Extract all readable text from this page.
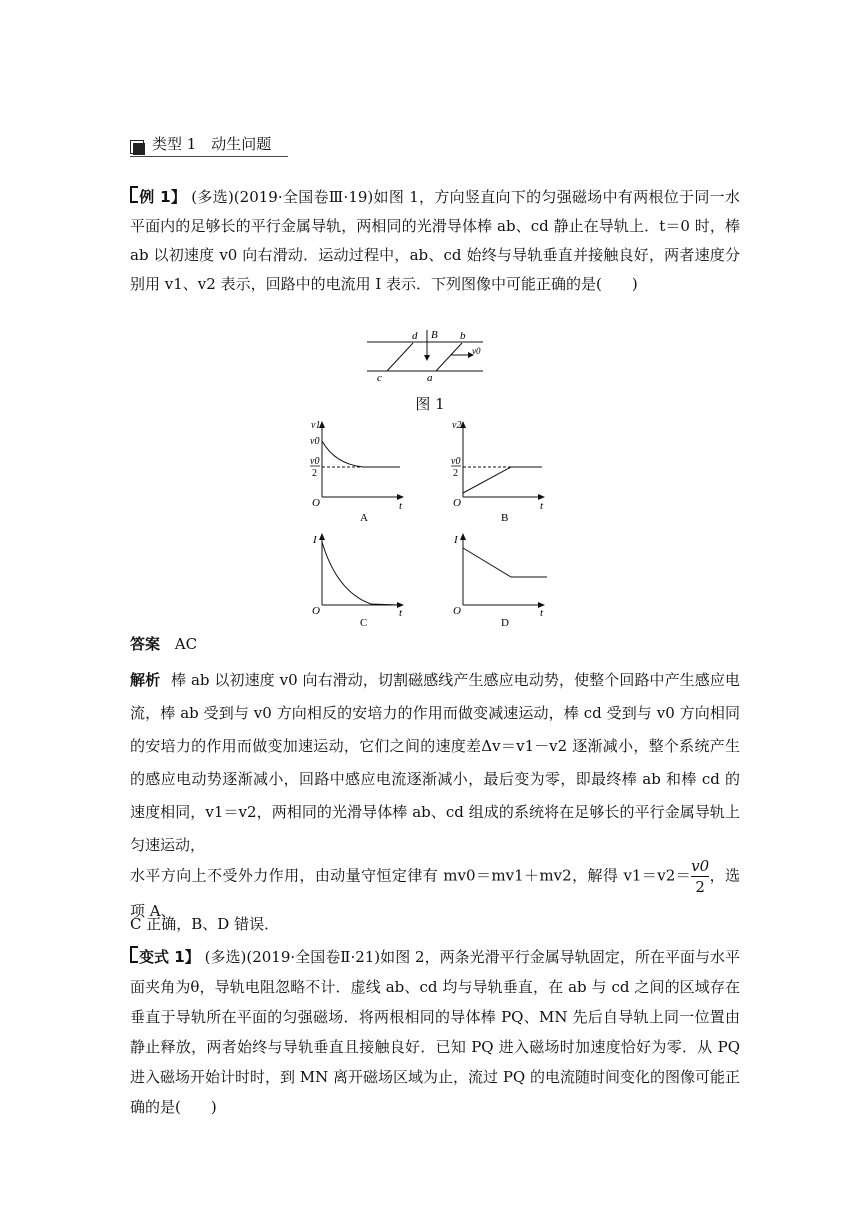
类型 1　动生问题
例 1】 (多选)(2019·全国卷Ⅲ·19)如图 1，方向竖直向下的匀强磁场中有两根位于同一水平面内的足够长的平行金属导轨，两相同的光滑导体棒 ab、cd 静止在导轨上．t＝0 时，棒 ab 以初速度 v0 向右滑动．运动过程中，ab、cd 始终与导轨垂直并接触良好，两者速度分别用 v1、v2 表示，回路中的电流用 I 表示．下列图像中可能正确的是(　　)
d B b
v0
c	a
图 1
v1
v0
v0
2
O	t
A
v2
v0
2
O	t
B
I
O	t
C
I
O	t
D
答案 AC
解析 棒 ab 以初速度 v0 向右滑动，切割磁感线产生感应电动势，使整个回路中产生感应电流，棒 ab 受到与 v0 方向相反的安培力的作用而做变减速运动，棒 cd 受到与 v0 方向相同的安培力的作用而做变加速运动，它们之间的速度差Δv＝v1－v2 逐渐减小，整个系统产生的感应电动势逐渐减小，回路中感应电流逐渐减小，最后变为零，即最终棒 ab 和棒 cd 的速度相同，v1＝v2，两相同的光滑导体棒 ab、cd 组成的系统将在足够长的平行金属导轨上匀速运动，
水平方向上不受外力作用，由动量守恒定律有 mv0＝mv1＋mv2，解得 $v1=v2= \frac{v0}{2}$ ，选项 A、
C 正确，B、D 错误．
变式 1】 (多选)(2019·全国卷Ⅱ·21)如图 2，两条光滑平行金属导轨固定，所在平面与水平面夹角为θ，导轨电阻忽略不计．虚线 ab、cd 均与导轨垂直，在 ab 与 cd 之间的区域存在垂直于导轨所在平面的匀强磁场．将两根相同的导体棒 PQ、MN 先后自导轨上同一位置由静止释放，两者始终与导轨垂直且接触良好．已知 PQ 进入磁场时加速度恰好为零．从 PQ 进入磁场开始计时时，到 MN 离开磁场区域为止，流过 PQ 的电流随时间变化的图像可能正确的是(　　)
